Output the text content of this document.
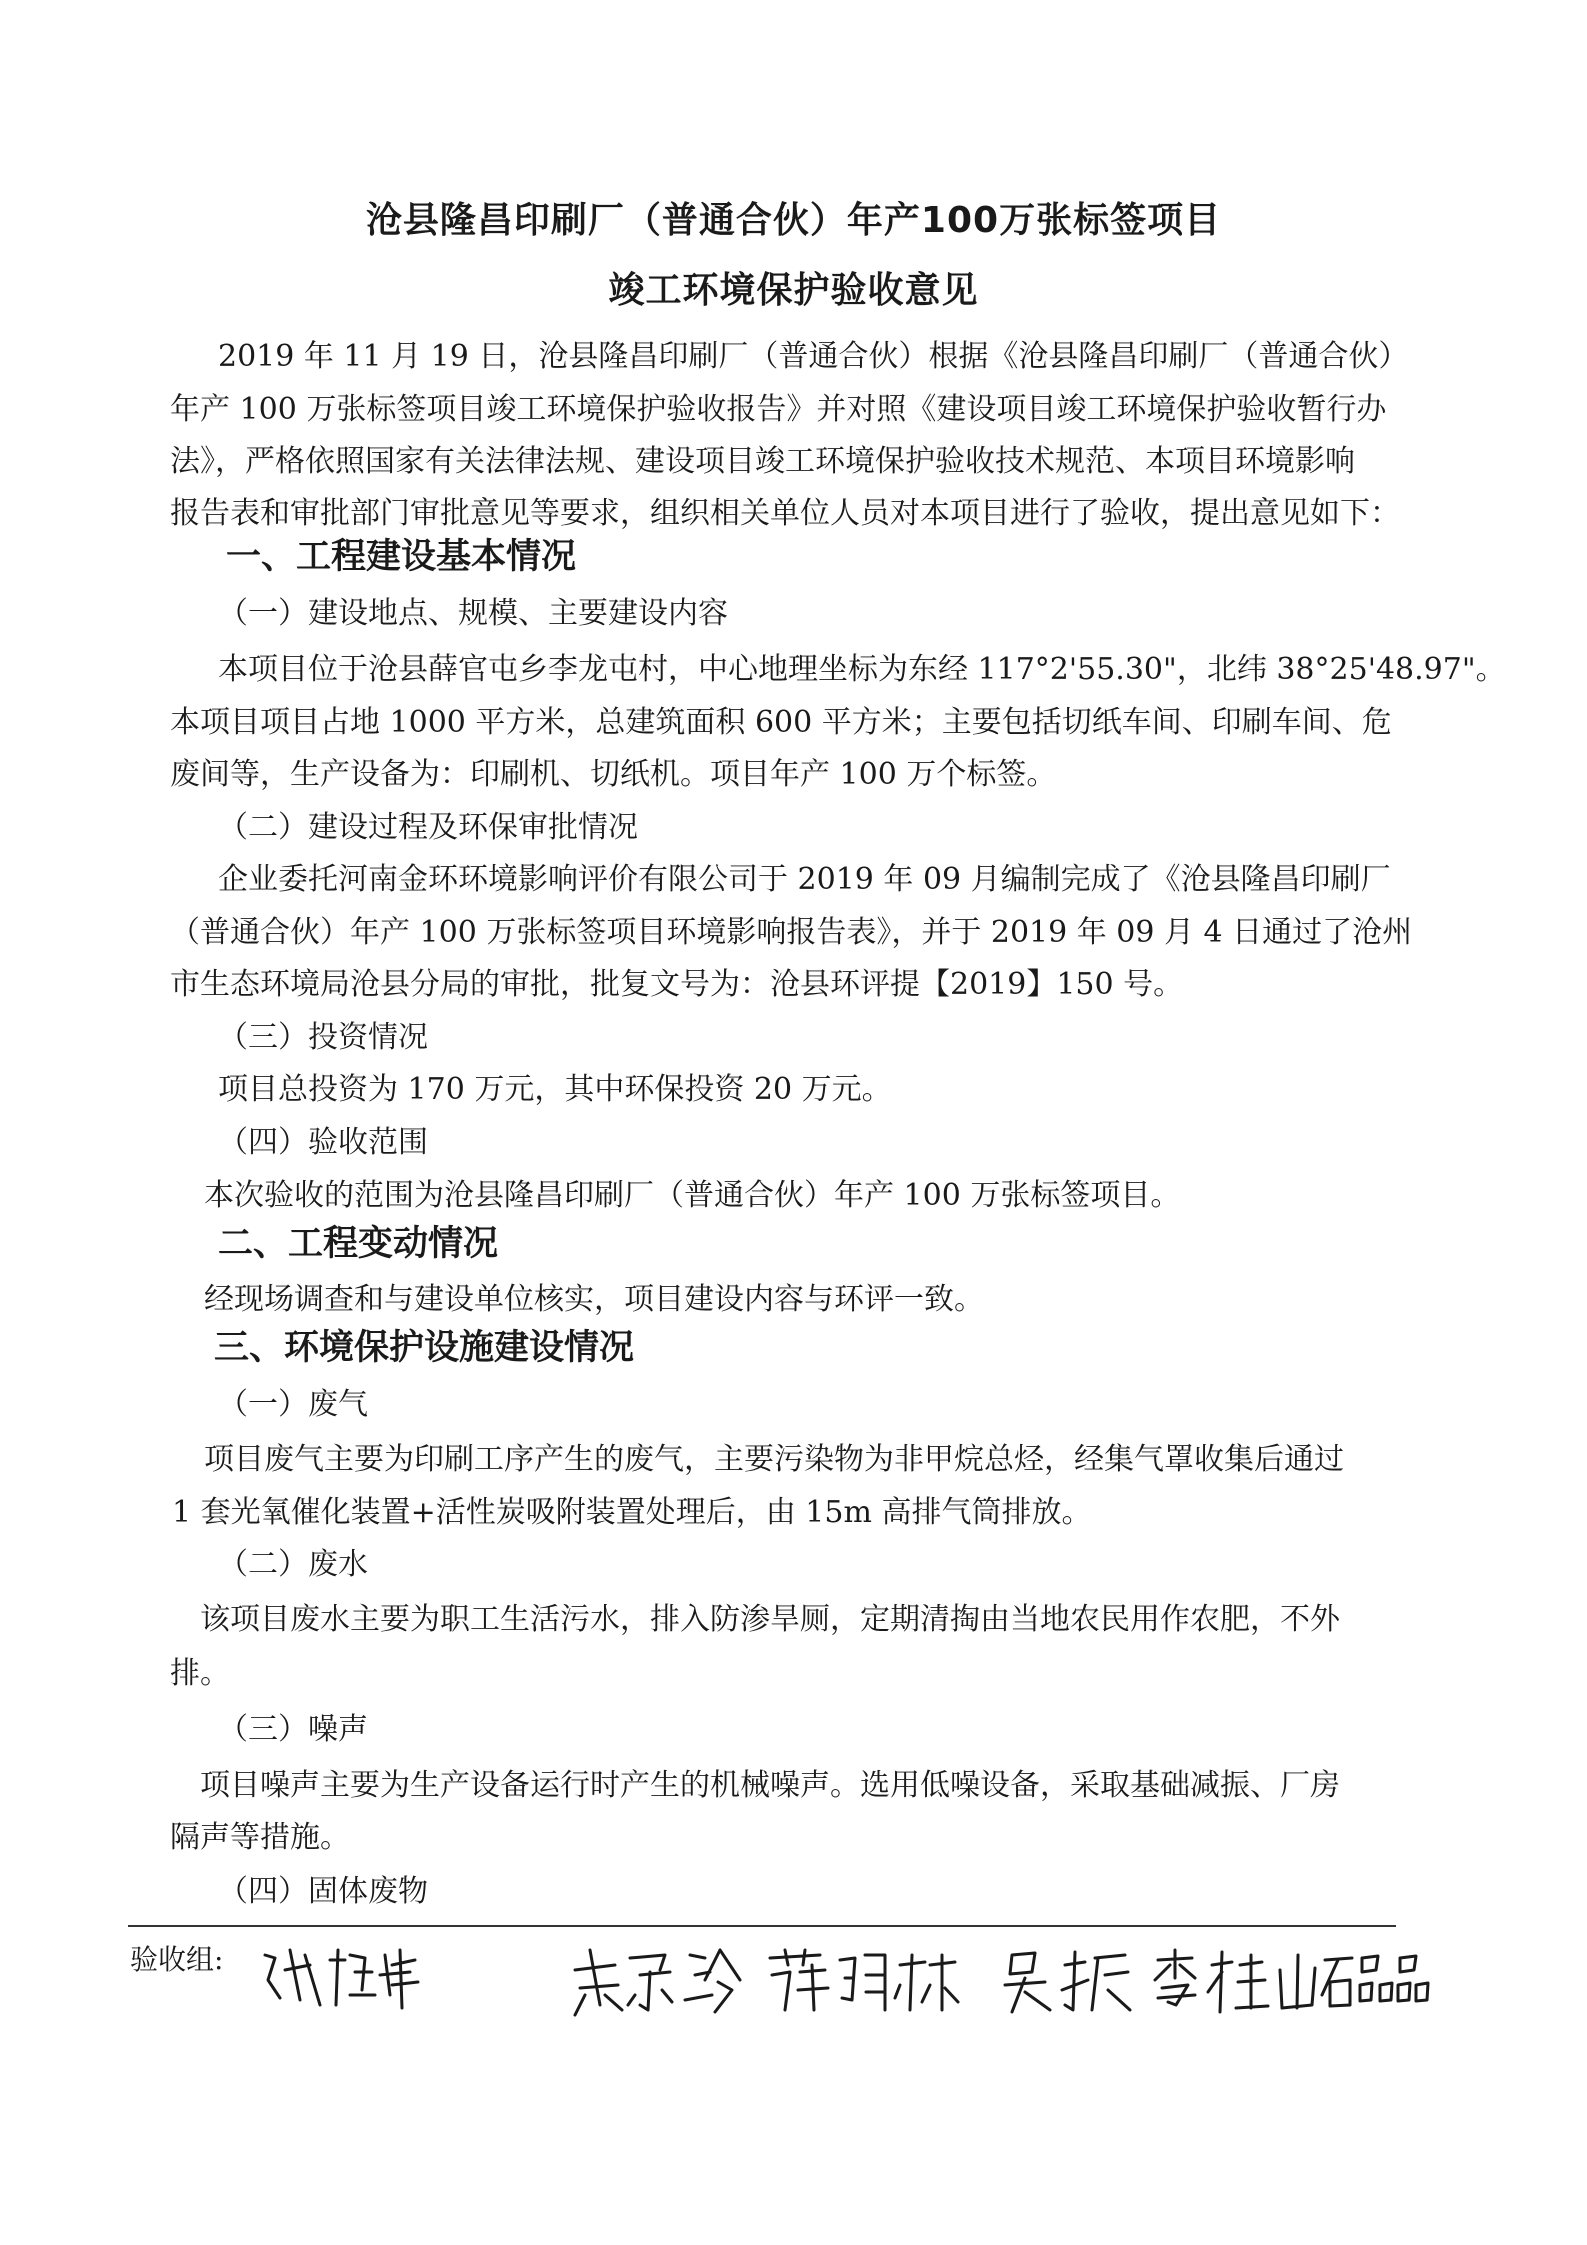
沧县隆昌印刷厂（普通合伙）年产100万张标签项目
竣工环境保护验收意见
2019 年 11 月 19 日，沧县隆昌印刷厂（普通合伙）根据《沧县隆昌印刷厂（普通合伙）
年产 100 万张标签项目竣工环境保护验收报告》并对照《建设项目竣工环境保护验收暂行办
法》，严格依照国家有关法律法规、建设项目竣工环境保护验收技术规范、本项目环境影响
报告表和审批部门审批意见等要求，组织相关单位人员对本项目进行了验收，提出意见如下：
一、工程建设基本情况
（一）建设地点、规模、主要建设内容
本项目位于沧县薛官屯乡李龙屯村，中心地理坐标为东经 117°2'55.30"，北纬 38°25'48.97"。
本项目项目占地 1000 平方米，总建筑面积 600 平方米；主要包括切纸车间、印刷车间、危
废间等，生产设备为：印刷机、切纸机。项目年产 100 万个标签。
（二）建设过程及环保审批情况
企业委托河南金环环境影响评价有限公司于 2019 年 09 月编制完成了《沧县隆昌印刷厂
（普通合伙）年产 100 万张标签项目环境影响报告表》，并于 2019 年 09 月 4 日通过了沧州
市生态环境局沧县分局的审批，批复文号为：沧县环评提【2019】150 号。
（三）投资情况
项目总投资为 170 万元，其中环保投资 20 万元。
（四）验收范围
本次验收的范围为沧县隆昌印刷厂（普通合伙）年产 100 万张标签项目。
二、工程变动情况
经现场调查和与建设单位核实，项目建设内容与环评一致。
三、环境保护设施建设情况
（一）废气
项目废气主要为印刷工序产生的废气，主要污染物为非甲烷总烃，经集气罩收集后通过
1 套光氧催化装置+活性炭吸附装置处理后，由 15m 高排气筒排放。
（二）废水
该项目废水主要为职工生活污水，排入防渗旱厕，定期清掏由当地农民用作农肥，不外
排。
（三）噪声
项目噪声主要为生产设备运行时产生的机械噪声。选用低噪设备，采取基础减振、厂房
隔声等措施。
（四）固体废物
验收组:
